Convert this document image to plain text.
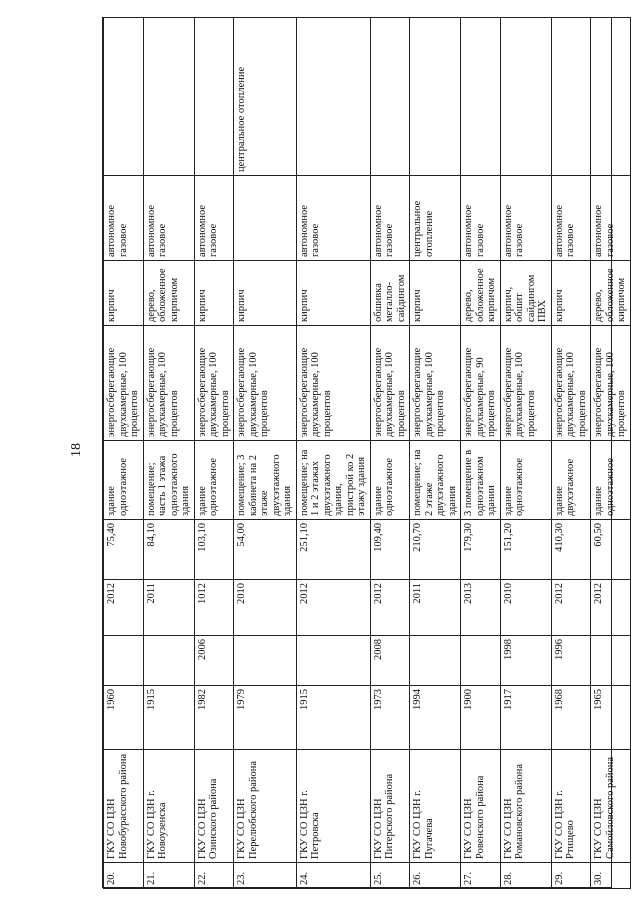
18
20.	ГКУ СО ЦЗН Новобурасского района	1960		2012	75,40	здание одноэтажное	энергосберегающие двухкамерные, 100 процентов	кирпич	автономное газовое	
21.	ГКУ СО ЦЗН г. Новоузенска	1915		2011	84,10	помещение; часть 1 этажа одноэтажного здания	энергосберегающие двухкамерные, 100 процентов	дерево, обложенное кирпичом	автономное газовое	
22.	ГКУ СО ЦЗН Озинского района	1982	2006	1012	103,10	здание одноэтажное	энергосберегающие двухкамерные, 100 процентов	кирпич	автономное газовое	
23.	ГКУ СО ЦЗН Перелюбского района	1979		2010	54,00	помещение; 3 кабинета на 2 этаже двухэтажного здания	энергосберегающие двухкамерные, 100 процентов	кирпич		центральное отопление
24.	ГКУ СО ЦЗН г. Петровска	1915		2012	251,10	помещение; на 1 и 2 этажах двухэтажного здания, пристрой ко 2 этажу здания	энергосберегающие двухкамерные, 100 процентов	кирпич	автономное газовое	
25.	ГКУ СО ЦЗН Питерского района	1973	2008	2012	109,40	здание одноэтажное	энергосберегающие двухкамерные, 100 процентов	обшивка металло-сайдингом	автономное газовое	
26.	ГКУ СО ЦЗН г. Пугачева	1994		2011	210,70	помещение; на 2 этаже двухэтажного здания	энергосберегающие двухкамерные, 100 процентов	кирпич	центральное отопление	
27.	ГКУ СО ЦЗН Ровенского района	1900		2013	179,30	3 помещение в одноэтажном здании	энергосберегающие двухкамерные, 90 процентов	дерево, обложенное кирпичом	автономное газовое	
28.	ГКУ СО ЦЗН Романовского района	1917	1998	2010	151,20	здание одноэтажное	энергосберегающие двухкамерные, 100 процентов	кирпич, обшит сайдингом ПВХ	автономное газовое	
29.	ГКУ СО ЦЗН г. Ртищево	1968	1996	2012	410,30	здание двухэтажное	энергосберегающие двухкамерные, 100 процентов	кирпич	автономное газовое	
30.	ГКУ СО ЦЗН Самойловского района	1965		2012	60,50	здание одноэтажное	энергосберегающие двухкамерные, 100 процентов	дерево, обложенное кирпичом	автономное газовое	
